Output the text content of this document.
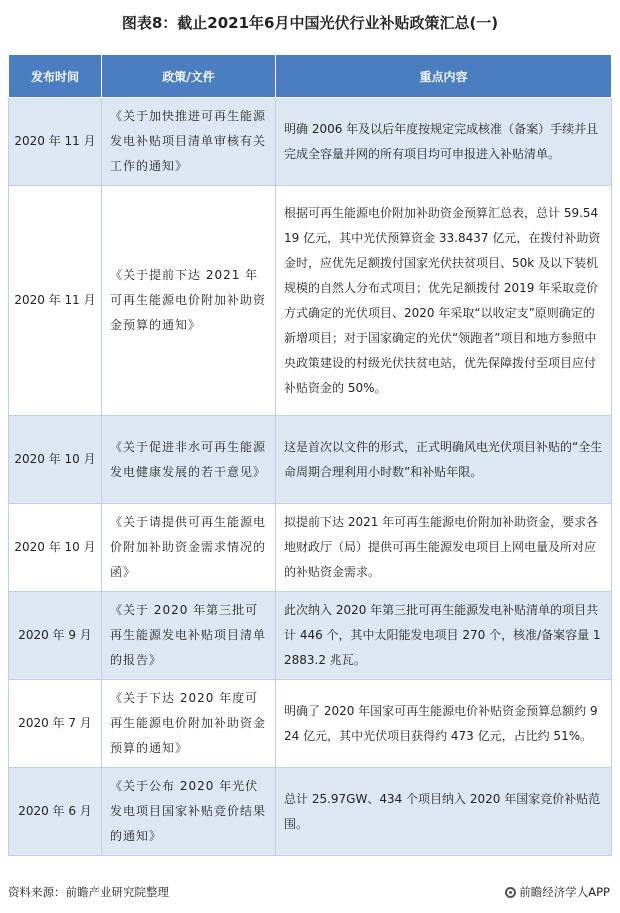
图表8：截止2021年6月中国光伏行业补贴政策汇总(一)
发布时间	政策/文件	重点内容
2020 年 11 月	《关于加快推进可再生能源发电补贴项目清单审核有关工作的通知》	明确 2006 年及以后年度按规定完成核准（备案）手续并且完成全容量并网的所有项目均可申报进入补贴清单。
2020 年 11 月	《关于提前下达 2021 年可再生能源电价附加补助资金预算的通知》	根据可再生能源电价附加补助资金预算汇总表，总计 59.5419 亿元，其中光伏预算资金 33.8437 亿元，在拨付补助资金时，应优先足额拨付国家光伏扶贫项目、50k 及以下装机规模的自然人分布式项目；优先足额拨付 2019 年采取竞价方式确定的光伏项目、2020 年采取“以收定支”原则确定的新增项目；对于国家确定的光伏“领跑者”项目和地方参照中央政策建设的村级光伏扶贫电站，优先保障拨付至项目应付补贴资金的 50%。
2020 年 10 月	《关于促进非水可再生能源发电健康发展的若干意见》	这是首次以文件的形式，正式明确风电光伏项目补贴的“全生命周期合理利用小时数”和补贴年限。
2020 年 10 月	《关于请提供可再生能源电价附加补助资金需求情况的函》	拟提前下达 2021 年可再生能源电价附加补助资金，要求各地财政厅（局）提供可再生能源发电项目上网电量及所对应的补贴资金需求。
2020 年 9 月	《关于 2020 年第三批可再生能源发电补贴项目清单的报告》	此次纳入 2020 年第三批可再生能源发电补贴清单的项目共计 446 个，其中太阳能发电项目 270 个，核准/备案容量 12883.2 兆瓦。
2020 年 7 月	《关于下达 2020 年度可再生能源电价附加补助资金预算的通知》	明确了 2020 年国家可再生能源电价补贴资金预算总额约 924 亿元，其中光伏项目获得约 473 亿元，占比约 51%。
2020 年 6 月	《关于公布 2020 年光伏发电项目国家补贴竞价结果的通知》	总计 25.97GW、434 个项目纳入 2020 年国家竞价补贴范围。
资料来源：前瞻产业研究院整理	前瞻经济学人APP
